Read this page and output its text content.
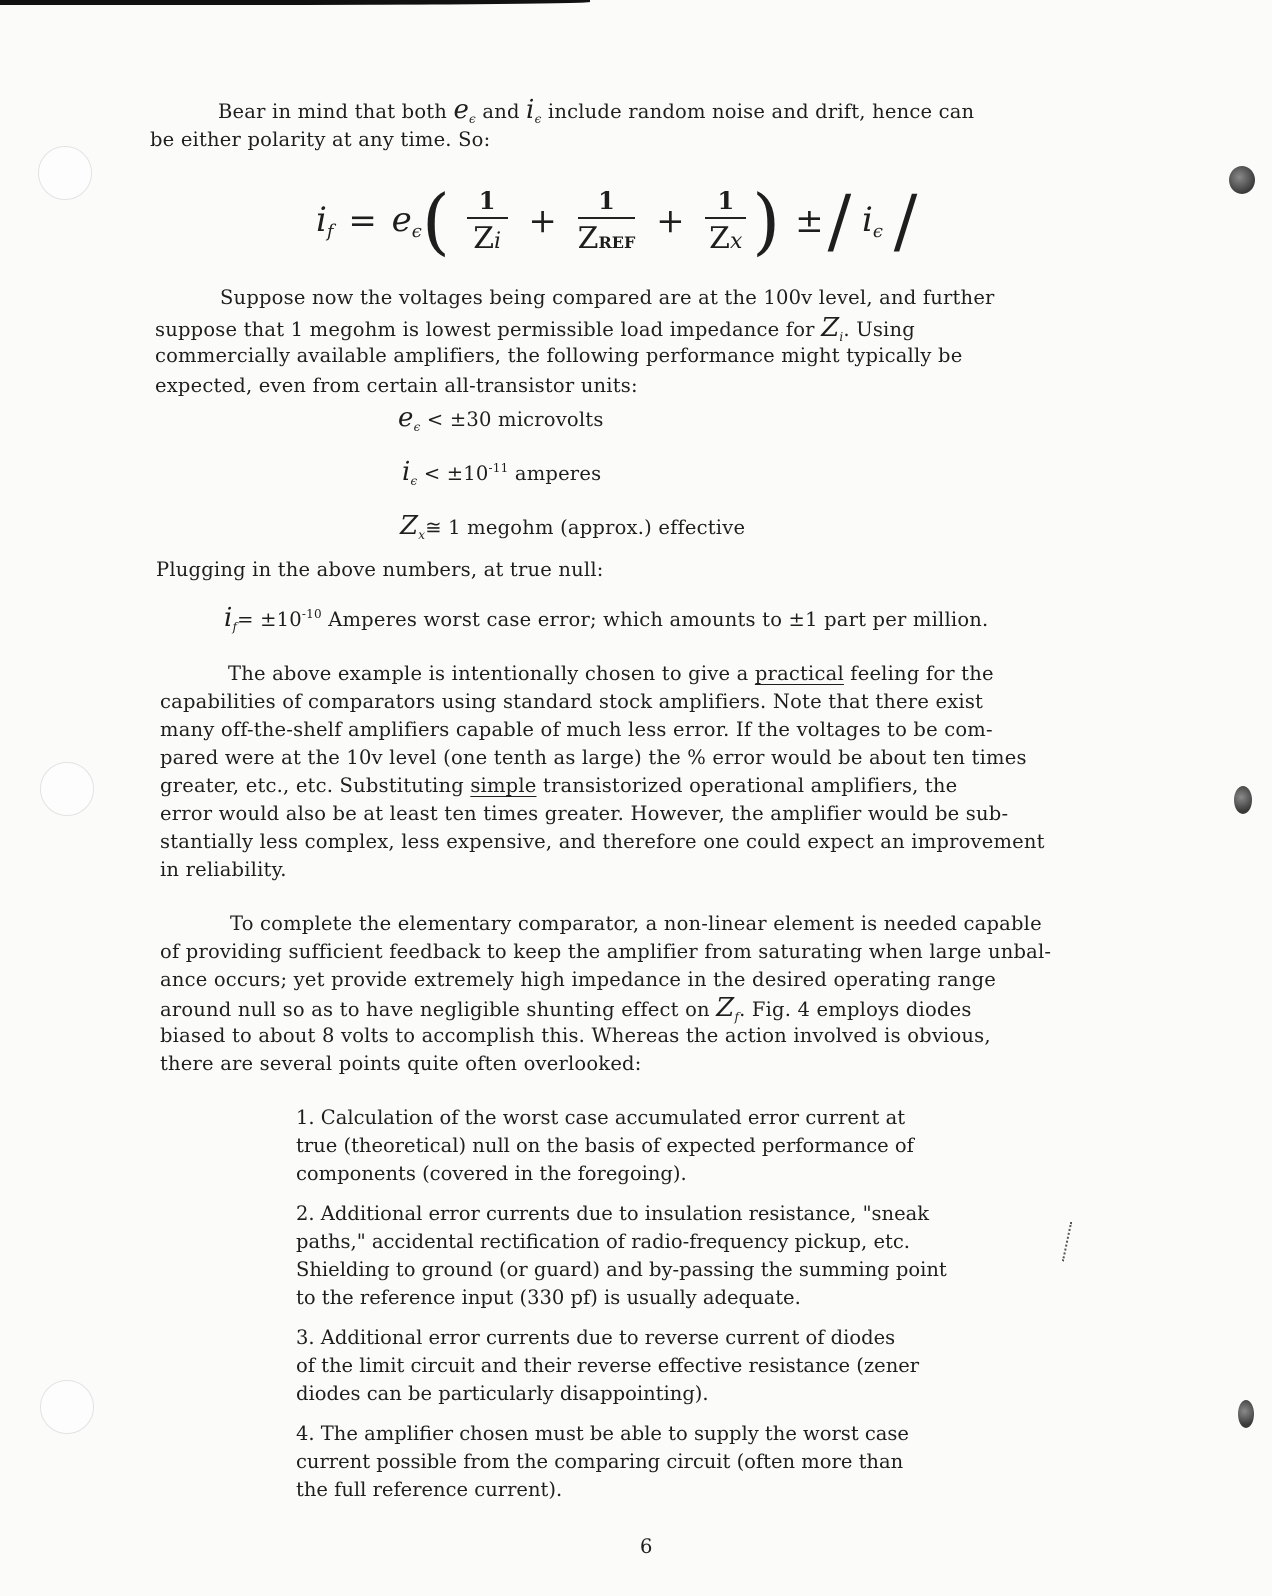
Bear in mind that both $e_\epsilon$ and $i_\epsilon$ include random noise and drift, hence can
be either polarity at any time. So:
if = $e\epsilon( \frac{1}{Zi} + \frac{1}{\text{ZREF}} + \frac{1}{Zx}$ ) ±/ iϵ /
Suppose now the voltages being compared are at the 100v level, and further
suppose that 1 megohm is lowest permissible load impedance for $Z_i$. Using
commercially available amplifiers, the following performance might typically be
expected, even from certain all-transistor units:
$e_\epsilon < \pm 30$ microvolts
$i_\epsilon < \pm 10^{-11}$ amperes
$Z_x≅$ 1 megohm (approx.) effective
Plugging in the above numbers, at true null:
$i_f= \pm 10^{-10}$ Amperes worst case error; which amounts to ±1 part per million.
The above example is intentionally chosen to give a practical feeling for the
capabilities of comparators using standard stock amplifiers. Note that there exist
many off-the-shelf amplifiers capable of much less error. If the voltages to be com-
pared were at the 10v level (one tenth as large) the % error would be about ten times
greater, etc., etc. Substituting simple transistorized operational amplifiers, the
error would also be at least ten times greater. However, the amplifier would be sub-
stantially less complex, less expensive, and therefore one could expect an improvement
in reliability.
To complete the elementary comparator, a non-linear element is needed capable
of providing sufficient feedback to keep the amplifier from saturating when large unbal-
ance occurs; yet provide extremely high impedance in the desired operating range
around null so as to have negligible shunting effect on $Z_f$. Fig. 4 employs diodes
biased to about 8 volts to accomplish this. Whereas the action involved is obvious,
there are several points quite often overlooked:
1. Calculation of the worst case accumulated error current at
true (theoretical) null on the basis of expected performance of
components (covered in the foregoing).
2. Additional error currents due to insulation resistance, "sneak
paths," accidental rectification of radio-frequency pickup, etc.
Shielding to ground (or guard) and by-passing the summing point
to the reference input (330 pf) is usually adequate.
3. Additional error currents due to reverse current of diodes
of the limit circuit and their reverse effective resistance (zener
diodes can be particularly disappointing).
4. The amplifier chosen must be able to supply the worst case
current possible from the comparing circuit (often more than
the full reference current).
6
